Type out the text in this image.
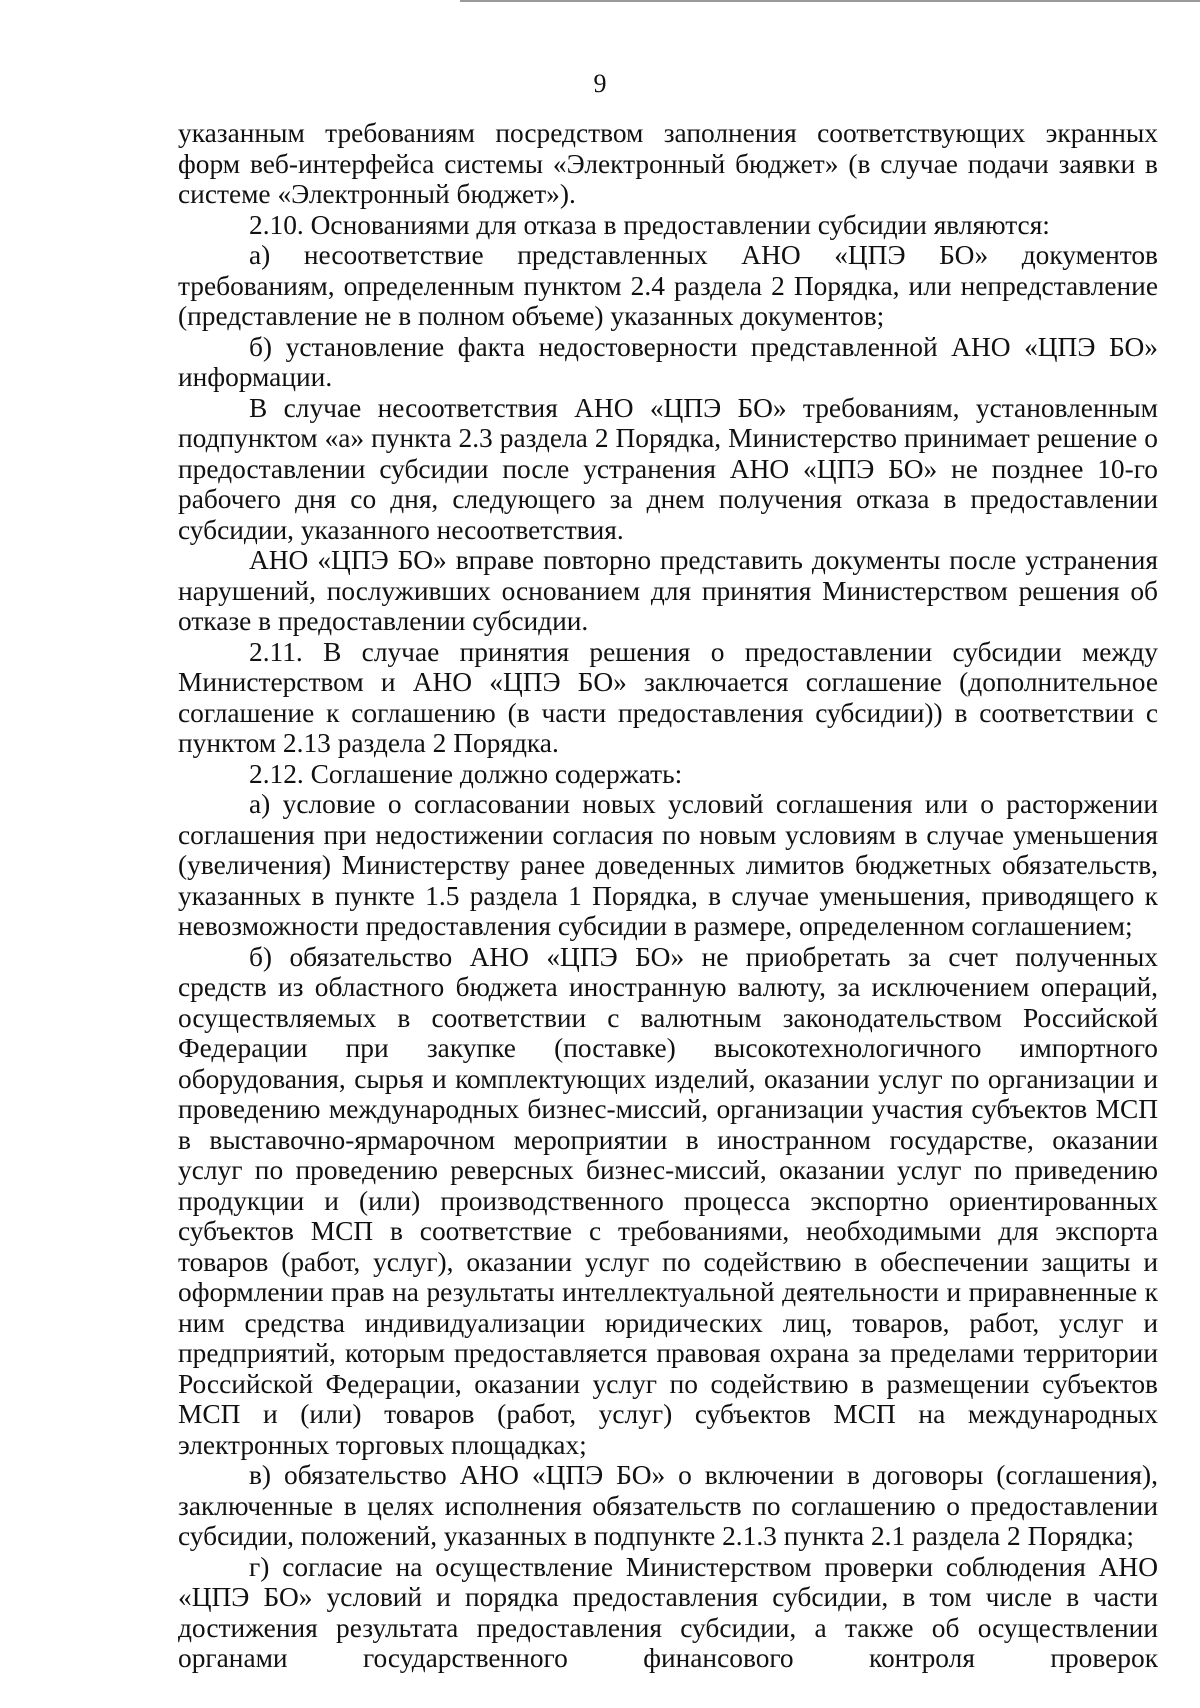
9

указанным требованиям посредством заполнения соответствующих экранных форм веб-интерфейса системы «Электронный бюджет» (в случае подачи заявки в системе «Электронный бюджет»).

2.10. Основаниями для отказа в предоставлении субсидии являются:

а) несоответствие представленных АНО «ЦПЭ БО» документов требованиям, определенным пунктом 2.4 раздела 2 Порядка, или непредставление (представление не в полном объеме) указанных документов;

б) установление факта недостоверности представленной АНО «ЦПЭ БО» информации.

В случае несоответствия АНО «ЦПЭ БО» требованиям, установленным подпунктом «а» пункта 2.3 раздела 2 Порядка, Министерство принимает решение о предоставлении субсидии после устранения АНО «ЦПЭ БО» не позднее 10-го рабочего дня со дня, следующего за днем получения отказа в предоставлении субсидии, указанного несоответствия.

АНО «ЦПЭ БО» вправе повторно представить документы после устранения нарушений, послуживших основанием для принятия Министерством решения об отказе в предоставлении субсидии.

2.11. В случае принятия решения о предоставлении субсидии между Министерством и АНО «ЦПЭ БО» заключается соглашение (дополнительное соглашение к соглашению (в части предоставления субсидии)) в соответствии с пунктом 2.13 раздела 2 Порядка.

2.12. Соглашение должно содержать:

а) условие о согласовании новых условий соглашения или о расторжении соглашения при недостижении согласия по новым условиям в случае уменьшения (увеличения) Министерству ранее доведенных лимитов бюджетных обязательств, указанных в пункте 1.5 раздела 1 Порядка, в случае уменьшения, приводящего к невозможности предоставления субсидии в размере, определенном соглашением;

б) обязательство АНО «ЦПЭ БО» не приобретать за счет полученных средств из областного бюджета иностранную валюту, за исключением операций, осуществляемых в соответствии с валютным законодательством Российской Федерации при закупке (поставке) высокотехнологичного импортного оборудования, сырья и комплектующих изделий, оказании услуг по организации и проведению международных бизнес-миссий, организации участия субъектов МСП в выставочно-ярмарочном мероприятии в иностранном государстве, оказании услуг по проведению реверсных бизнес-миссий, оказании услуг по приведению продукции и (или) производственного процесса экспортно ориентированных субъектов МСП в соответствие с требованиями, необходимыми для экспорта товаров (работ, услуг), оказании услуг по содействию в обеспечении защиты и оформлении прав на результаты интеллектуальной деятельности и приравненные к ним средства индивидуализации юридических лиц, товаров, работ, услуг и предприятий, которым предоставляется правовая охрана за пределами территории Российской Федерации, оказании услуг по содействию в размещении субъектов МСП и (или) товаров (работ, услуг) субъектов МСП на международных электронных торговых площадках;

в) обязательство АНО «ЦПЭ БО» о включении в договоры (соглашения), заключенные в целях исполнения обязательств по соглашению о предоставлении субсидии, положений, указанных в подпункте 2.1.3 пункта 2.1 раздела 2 Порядка;

г) согласие на осуществление Министерством проверки соблюдения АНО «ЦПЭ БО» условий и порядка предоставления субсидии, в том числе в части достижения результата предоставления субсидии, а также об осуществлении органами государственного финансового контроля проверок
